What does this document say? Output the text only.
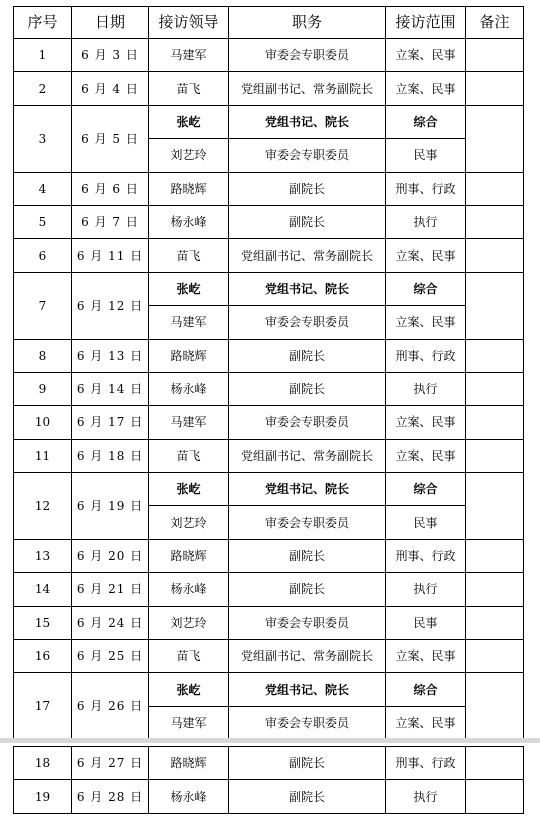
序号	日期	接访领导	职务	接访范围	备注
1	6 月 3 日	马建军	审委会专职委员	立案、民事	
2	6 月 4 日	苗飞	党组副书记、常务副院长	立案、民事	
3	6 月 5 日	张屹	党组书记、院长	综合	
		刘艺玲	审委会专职委员	民事	
4	6 月 6 日	路晓辉	副院长	刑事、行政	
5	6 月 7 日	杨永峰	副院长	执行	
6	6 月 11 日	苗飞	党组副书记、常务副院长	立案、民事	
7	6 月 12 日	张屹	党组书记、院长	综合	
		马建军	审委会专职委员	立案、民事	
8	6 月 13 日	路晓辉	副院长	刑事、行政	
9	6 月 14 日	杨永峰	副院长	执行	
10	6 月 17 日	马建军	审委会专职委员	立案、民事	
11	6 月 18 日	苗飞	党组副书记、常务副院长	立案、民事	
12	6 月 19 日	张屹	党组书记、院长	综合	
		刘艺玲	审委会专职委员	民事	
13	6 月 20 日	路晓辉	副院长	刑事、行政	
14	6 月 21 日	杨永峰	副院长	执行	
15	6 月 24 日	刘艺玲	审委会专职委员	民事	
16	6 月 25 日	苗飞	党组副书记、常务副院长	立案、民事	
17	6 月 26 日	张屹	党组书记、院长	综合	
		马建军	审委会专职委员	立案、民事	
18	6 月 27 日	路晓辉	副院长	刑事、行政	
19	6 月 28 日	杨永峰	副院长	执行	
